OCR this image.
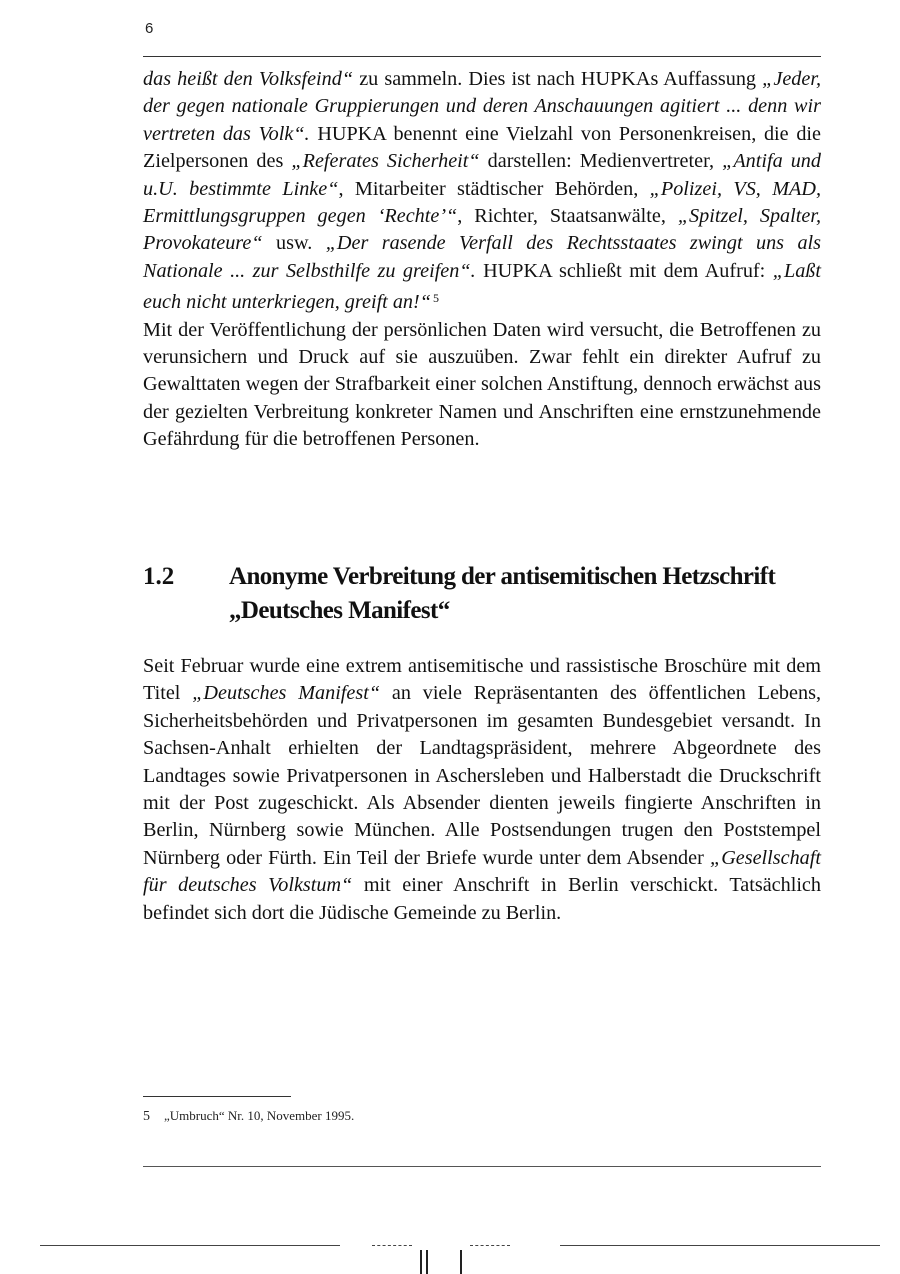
6

das heißt den Volksfeind“ zu sammeln. Dies ist nach HUPKAs Auffassung „Jeder, der gegen nationale Gruppierungen und deren Anschauungen agitiert ... denn wir vertreten das Volk“. HUPKA benennt eine Vielzahl von Personenkreisen, die die Zielpersonen des „Referates Sicherheit“ darstellen: Medienvertreter, „Antifa und u.U. bestimmte Linke“, Mitarbeiter städtischer Behörden, „Polizei, VS, MAD, Ermittlungsgruppen gegen ‘Rechte’“, Richter, Staatsanwälte, „Spitzel, Spalter, Provokateure“ usw. „Der rasende Verfall des Rechtsstaates zwingt uns als Nationale ... zur Selbsthilfe zu greifen“. HUPKA schließt mit dem Aufruf: „Laßt euch nicht unterkriegen, greift an!“ $^5$

Mit der Veröffentlichung der persönlichen Daten wird versucht, die Betroffenen zu verunsichern und Druck auf sie auszuüben. Zwar fehlt ein direkter Aufruf zu Gewalttaten wegen der Strafbarkeit einer solchen Anstiftung, dennoch erwächst aus der gezielten Verbreitung konkreter Namen und Anschriften eine ernstzunehmende Gefährdung für die betroffenen Personen.

1.2	Anonyme Verbreitung der antisemitischen Hetzschrift „Deutsches Manifest“
Seit Februar wurde eine extrem antisemitische und rassistische Broschüre mit dem Titel „Deutsches Manifest“ an viele Repräsentanten des öffentlichen Lebens, Sicherheitsbehörden und Privatpersonen im gesamten Bundesgebiet versandt. In Sachsen-Anhalt erhielten der Landtagspräsident, mehrere Abgeordnete des Landtages sowie Privatpersonen in Aschersleben und Halberstadt die Druckschrift mit der Post zugeschickt. Als Absender dienten jeweils fingierte Anschriften in Berlin, Nürnberg sowie München. Alle Postsendungen trugen den Poststempel Nürnberg oder Fürth. Ein Teil der Briefe wurde unter dem Absender „Gesellschaft für deutsches Volkstum“ mit einer Anschrift in Berlin verschickt. Tatsächlich befindet sich dort die Jüdische Gemeinde zu Berlin.
5 „Umbruch“ Nr. 10, November 1995.
